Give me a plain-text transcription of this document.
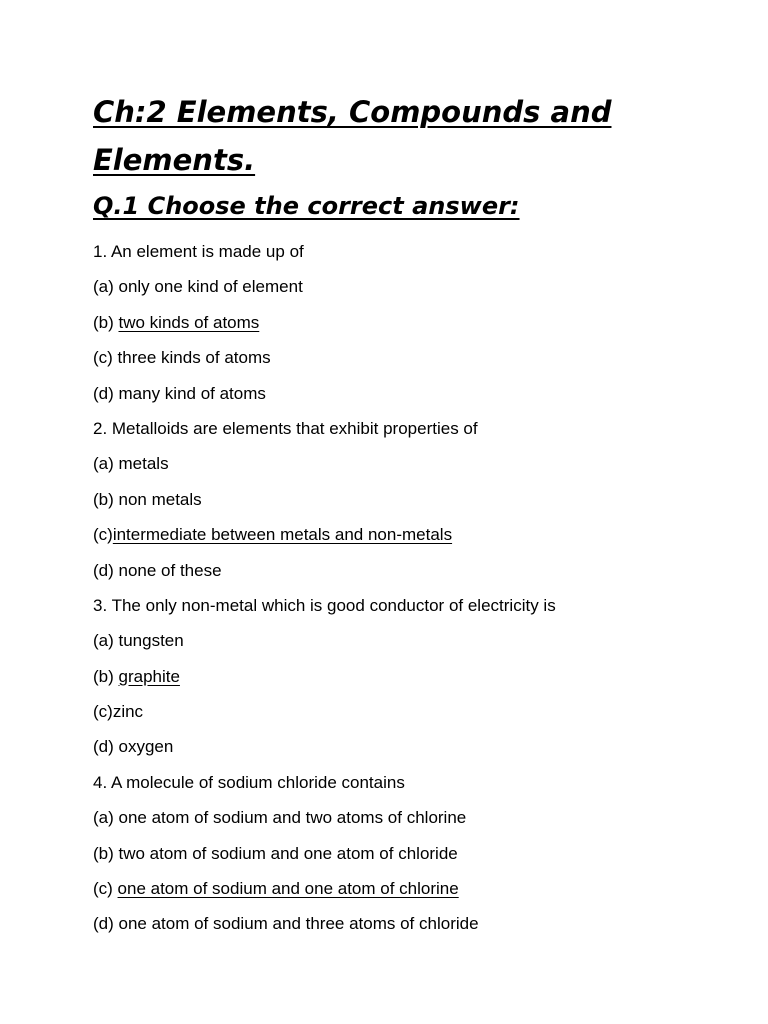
Ch:2 Elements, Compounds and Elements.
Q.1 Choose the correct answer:
1. An element is made up of
(a) only one kind of element
(b) two kinds of atoms
(c) three kinds of atoms
(d) many kind of atoms
2. Metalloids are elements that exhibit properties of
(a) metals
(b) non metals
(c)intermediate between metals and non-metals
(d) none of these
3. The only non-metal which is good conductor of electricity is
(a) tungsten
(b) graphite
(c)zinc
(d) oxygen
4. A molecule of sodium chloride contains
(a) one atom of sodium and two atoms of chlorine
(b) two atom of sodium and one atom of chloride
(c) one atom of sodium and one atom of chlorine
(d) one atom of sodium and three atoms of chloride
